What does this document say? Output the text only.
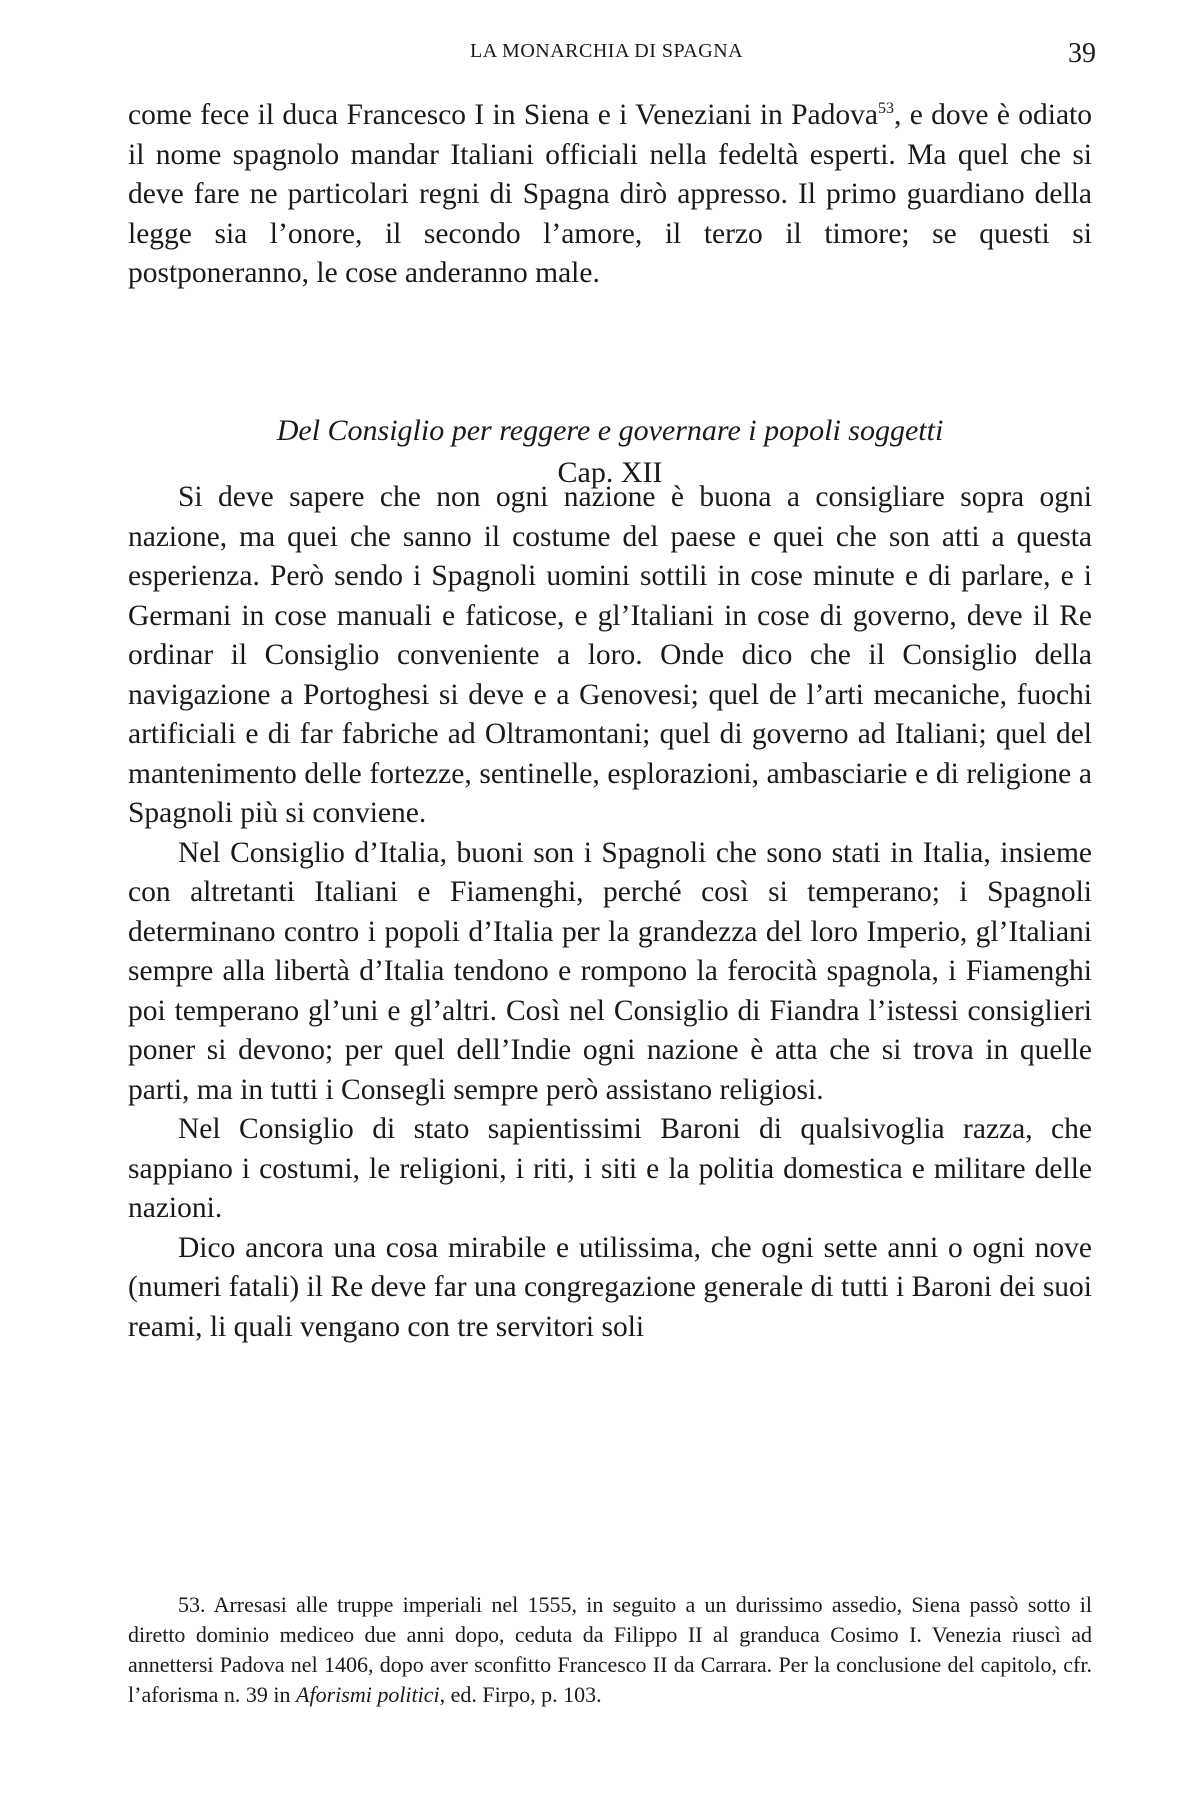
LA MONARCHIA DI SPAGNA	39

come fece il duca Francesco I in Siena e i Veneziani in Padova$^{53}$, e dove è odiato il nome spagnolo mandar Italiani officiali nella fedeltà esperti. Ma quel che si deve fare ne particolari regni di Spagna dirò appresso. Il primo guardiano della legge sia l’onore, il secondo l’amore, il terzo il timore; se questi si postponeranno, le cose anderanno male.

Del Consiglio per reggere e governare i popoli soggetti

Cap. XII

Si deve sapere che non ogni nazione è buona a consigliare sopra ogni nazione, ma quei che sanno il costume del paese e quei che son atti a questa esperienza. Però sendo i Spagnoli uomini sottili in cose minute e di parlare, e i Germani in cose manuali e faticose, e gl’Italiani in cose di governo, deve il Re ordinar il Consiglio conveniente a loro. Onde dico che il Consiglio della navigazione a Portoghesi si deve e a Genovesi; quel de l’arti mecaniche, fuochi artificiali e di far fabriche ad Oltramontani; quel di governo ad Italiani; quel del mantenimento delle fortezze, sentinelle, esplorazioni, ambasciarie e di religione a Spagnoli più si conviene.

Nel Consiglio d’Italia, buoni son i Spagnoli che sono stati in Italia, insieme con altretanti Italiani e Fiamenghi, perché così si temperano; i Spagnoli determinano contro i popoli d’Italia per la grandezza del loro Imperio, gl’Italiani sempre alla libertà d’Italia tendono e rompono la ferocità spagnola, i Fiamenghi poi temperano gl’uni e gl’altri. Così nel Consiglio di Fiandra l’istessi consiglieri poner si devono; per quel dell’Indie ogni nazione è atta che si trova in quelle parti, ma in tutti i Consegli sempre però assistano religiosi.

Nel Consiglio di stato sapientissimi Baroni di qualsivoglia razza, che sappiano i costumi, le religioni, i riti, i siti e la politia domestica e militare delle nazioni.

Dico ancora una cosa mirabile e utilissima, che ogni sette anni o ogni nove (numeri fatali) il Re deve far una congregazione generale di tutti i Baroni dei suoi reami, li quali vengano con tre servitori soli

53. Arresasi alle truppe imperiali nel 1555, in seguito a un durissimo assedio, Siena passò sotto il diretto dominio mediceo due anni dopo, ceduta da Filippo II al granduca Cosimo I. Venezia riuscì ad annettersi Padova nel 1406, dopo aver sconfitto Francesco II da Carrara. Per la conclusione del capitolo, cfr. l’aforisma n. 39 in Aforismi politici, ed. Firpo, p. 103.
